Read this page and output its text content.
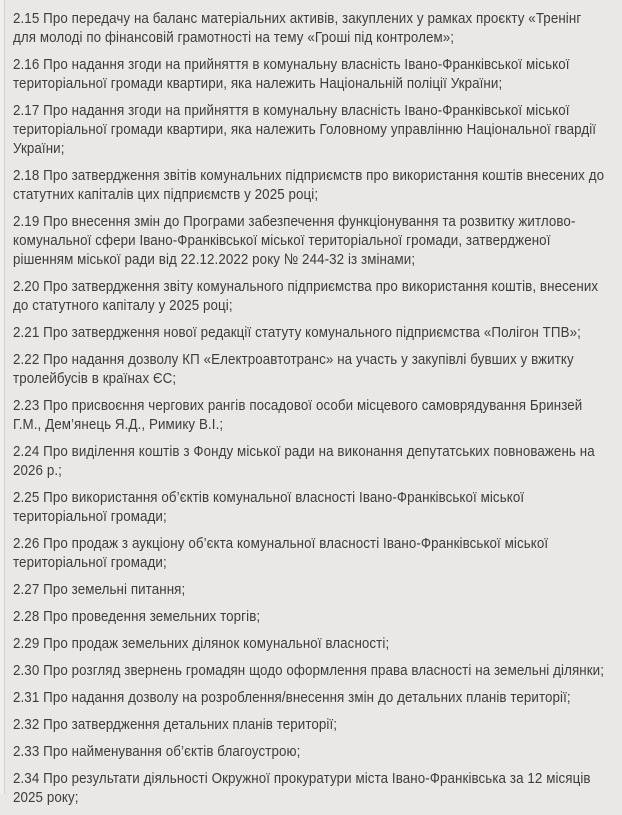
2.15 Про передачу на баланс матеріальних активів, закуплених у рамках проєкту «Тренінг для молоді по фінансовій грамотності на тему «Гроші під контролем»;

2.16 Про надання згоди на прийняття в комунальну власність Івано-Франківської міської територіальної громади квартири, яка належить Національній поліції України;

2.17 Про надання згоди на прийняття в комунальну власність Івано-Франківської міської територіальної громади квартири, яка належить Головному управлінню Національної гвардії України;

2.18 Про затвердження звітів комунальних підприємств про використання коштів внесених до статутних капіталів цих підприємств у 2025 році;

2.19 Про внесення змін до Програми забезпечення функціонування та розвитку житлово-комунальної сфери Івано-Франківської міської територіальної громади, затвердженої рішенням міської ради від 22.12.2022 року № 244-32 із змінами;

2.20 Про затвердження звіту комунального підприємства про використання коштів, внесених до статутного капіталу у 2025 році;

2.21 Про затвердження нової редакції статуту комунального підприємства «Полігон ТПВ»;

2.22 Про надання дозволу КП «Електроавтотранс» на участь у закупівлі бувших у вжитку тролейбусів в країнах ЄС;

2.23 Про присвоєння чергових рангів посадової особи місцевого самоврядування Бринзей Г.М., Дем’янець Я.Д., Римику В.І.;

2.24 Про виділення коштів з Фонду міської ради на виконання депутатських повноважень на 2026 р.;

2.25 Про використання об’єктів комунальної власності Івано-Франківської міської територіальної громади;

2.26 Про продаж з аукціону об’єкта комунальної власності Івано-Франківської міської територіальної громади;

2.27 Про земельні питання;

2.28 Про проведення земельних торгів;

2.29 Про продаж земельних ділянок комунальної власності;

2.30 Про розгляд звернень громадян щодо оформлення права власності на земельні ділянки;

2.31 Про надання дозволу на розроблення/внесення змін до детальних планів території;

2.32 Про затвердження детальних планів території;

2.33 Про найменування об’єктів благоустрою;

2.34 Про результати діяльності Окружної прокуратури міста Івано-Франківська за 12 місяців 2025 року;
